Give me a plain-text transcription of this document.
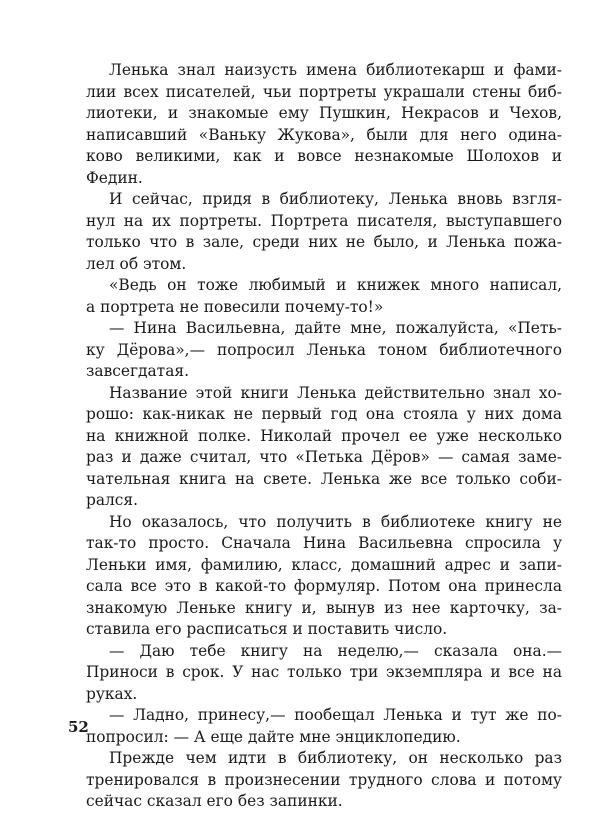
Ленька знал наизусть имена библиотекарш и фами-
лии всех писателей, чьи портреты украшали стены биб-
лиотеки, и знакомые ему Пушкин, Некрасов и Чехов,
написавший «Ваньку Жукова», были для него одина-
ково великими, как и вовсе незнакомые Шолохов и
Федин.
И сейчас, придя в библиотеку, Ленька вновь взгля-
нул на их портреты. Портрета писателя, выступавшего
только что в зале, среди них не было, и Ленька пожа-
лел об этом.
«Ведь он тоже любимый и книжек много написал,
а портрета не повесили почему-то!»
— Нина Васильевна, дайте мне, пожалуйста, «Петь-
ку Дёрова»,— попросил Ленька тоном библиотечного
завсегдатая.
Название этой книги Ленька действительно знал хо-
рошо: как-никак не первый год она стояла у них дома
на книжной полке. Николай прочел ее уже несколько
раз и даже считал, что «Петька Дёров» — самая заме-
чательная книга на свете. Ленька же все только соби-
рался.
Но оказалось, что получить в библиотеке книгу не
так-то просто. Сначала Нина Васильевна спросила у
Леньки имя, фамилию, класс, домашний адрес и запи-
сала все это в какой-то формуляр. Потом она принесла
знакомую Леньке книгу и, вынув из нее карточку, за-
ставила его расписаться и поставить число.
— Даю тебе книгу на неделю,— сказала она.—
Приноси в срок. У нас только три экземпляра и все на
руках.
— Ладно, принесу,— пообещал Ленька и тут же по-
попросил: — А еще дайте мне энциклопедию.
Прежде чем идти в библиотеку, он несколько раз
тренировался в произнесении трудного слова и потому
сейчас сказал его без запинки.
52
